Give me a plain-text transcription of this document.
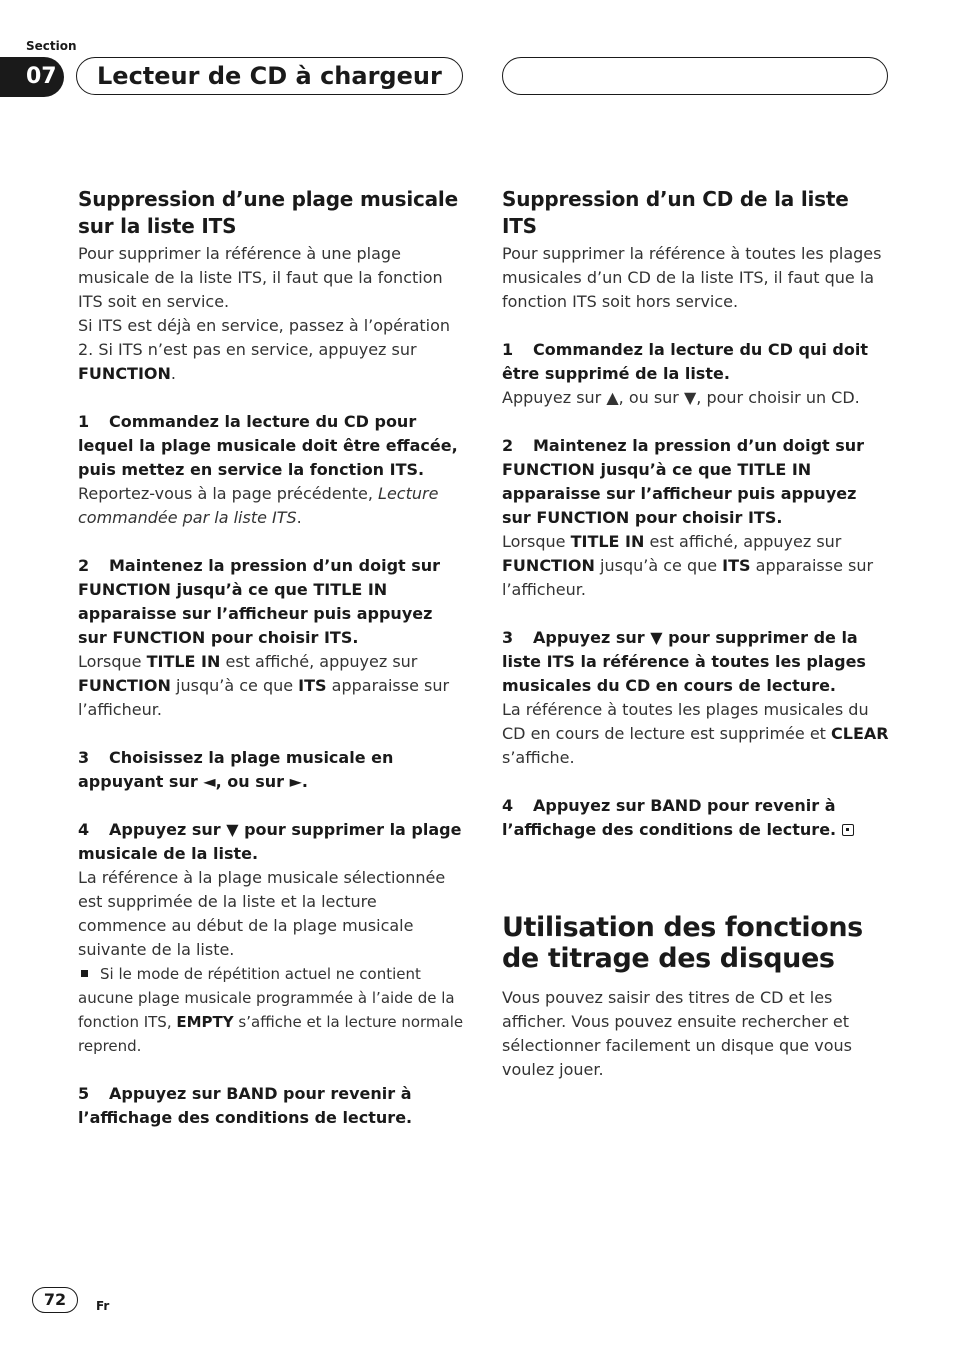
Section
07	Lecteur de CD à chargeur
Suppression d’une plage musicale sur la liste ITS

Pour supprimer la référence à une plage musicale de la liste ITS, il faut que la fonction ITS soit en service.

Si ITS est déjà en service, passez à l’opération 2. Si ITS n’est pas en service, appuyez sur FUNCTION.

1 Commandez la lecture du CD pour lequel la plage musicale doit être effacée, puis mettez en service la fonction ITS.

Reportez-vous à la page précédente, Lecture commandée par la liste ITS.

2 Maintenez la pression d’un doigt sur FUNCTION jusqu’à ce que TITLE IN apparaisse sur l’afficheur puis appuyez sur FUNCTION pour choisir ITS.

Lorsque TITLE IN est affiché, appuyez sur FUNCTION jusqu’à ce que ITS apparaisse sur l’afficheur.

3 Choisissez la plage musicale en appuyant sur ◄, ou sur ►.

4 Appuyez sur ▼ pour supprimer la plage musicale de la liste.

La référence à la plage musicale sélectionnée est supprimée de la liste et la lecture commence au début de la plage musicale suivante de la liste.

Si le mode de répétition actuel ne contient aucune plage musicale programmée à l’aide de la fonction ITS, EMPTY s’affiche et la lecture normale reprend.

5 Appuyez sur BAND pour revenir à l’affichage des conditions de lecture.

Suppression d’un CD de la liste ITS

Pour supprimer la référence à toutes les plages musicales d’un CD de la liste ITS, il faut que la fonction ITS soit hors service.

1 Commandez la lecture du CD qui doit être supprimé de la liste.

Appuyez sur ▲, ou sur ▼, pour choisir un CD.

2 Maintenez la pression d’un doigt sur FUNCTION jusqu’à ce que TITLE IN apparaisse sur l’afficheur puis appuyez sur FUNCTION pour choisir ITS.

Lorsque TITLE IN est affiché, appuyez sur FUNCTION jusqu’à ce que ITS apparaisse sur l’afficheur.

3 Appuyez sur ▼ pour supprimer de la liste ITS la référence à toutes les plages musicales du CD en cours de lecture.

La référence à toutes les plages musicales du CD en cours de lecture est supprimée et CLEAR s’affiche.

4 Appuyez sur BAND pour revenir à l’affichage des conditions de lecture.

Utilisation des fonctions de titrage des disques

Vous pouvez saisir des titres de CD et les afficher. Vous pouvez ensuite rechercher et sélectionner facilement un disque que vous voulez jouer.

72	Fr
